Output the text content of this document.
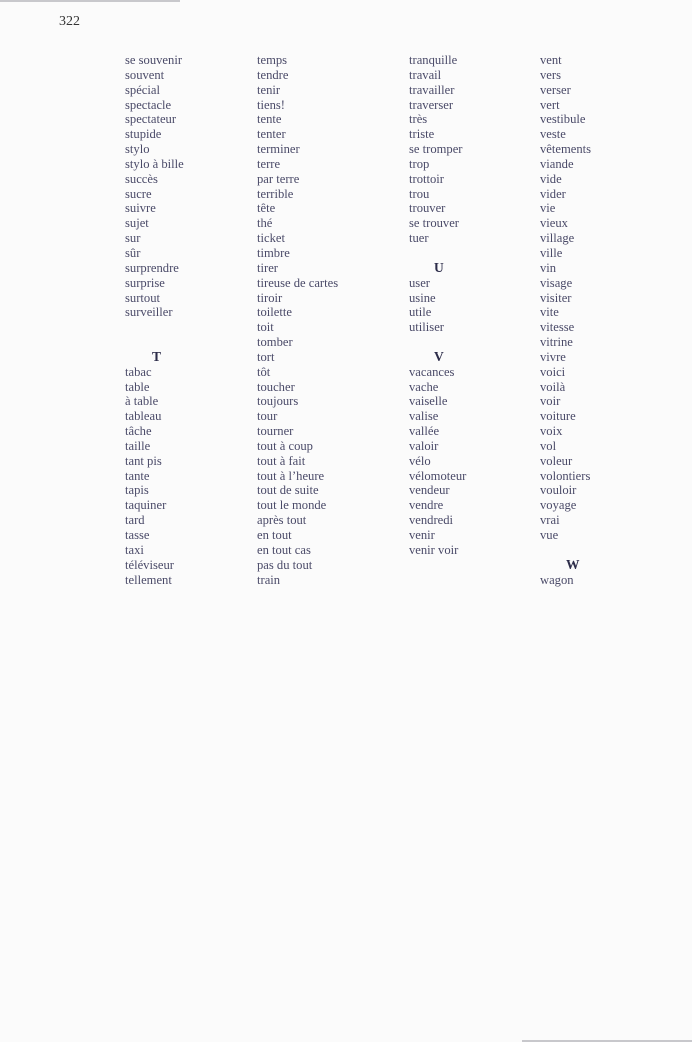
322
se souvenir
souvent
spécial
spectacle
spectateur
stupide
stylo
stylo à bille
succès
sucre
suivre
sujet
sur
sûr
surprendre
surprise
surtout
surveiller
T
tabac
table
à table
tableau
tâche
taille
tant pis
tante
tapis
taquiner
tard
tasse
taxi
téléviseur
tellement
temps
tendre
tenir
tiens!
tente
tenter
terminer
terre
par terre
terrible
tête
thé
ticket
timbre
tirer
tireuse de cartes
tiroir
toilette
toit
tomber
tort
tôt
toucher
toujours
tour
tourner
tout à coup
tout à fait
tout à l’heure
tout de suite
tout le monde
après tout
en tout
en tout cas
pas du tout
train
tranquille
travail
travailler
traverser
très
triste
se tromper
trop
trottoir
trou
trouver
se trouver
tuer
U
user
usine
utile
utiliser
V
vacances
vache
vaiselle
valise
vallée
valoir
vélo
vélomoteur
vendeur
vendre
vendredi
venir
venir voir
vent
vers
verser
vert
vestibule
veste
vêtements
viande
vide
vider
vie
vieux
village
ville
vin
visage
visiter
vite
vitesse
vitrine
vivre
voici
voilà
voir
voiture
voix
vol
voleur
volontiers
vouloir
voyage
vrai
vue
W
wagon
